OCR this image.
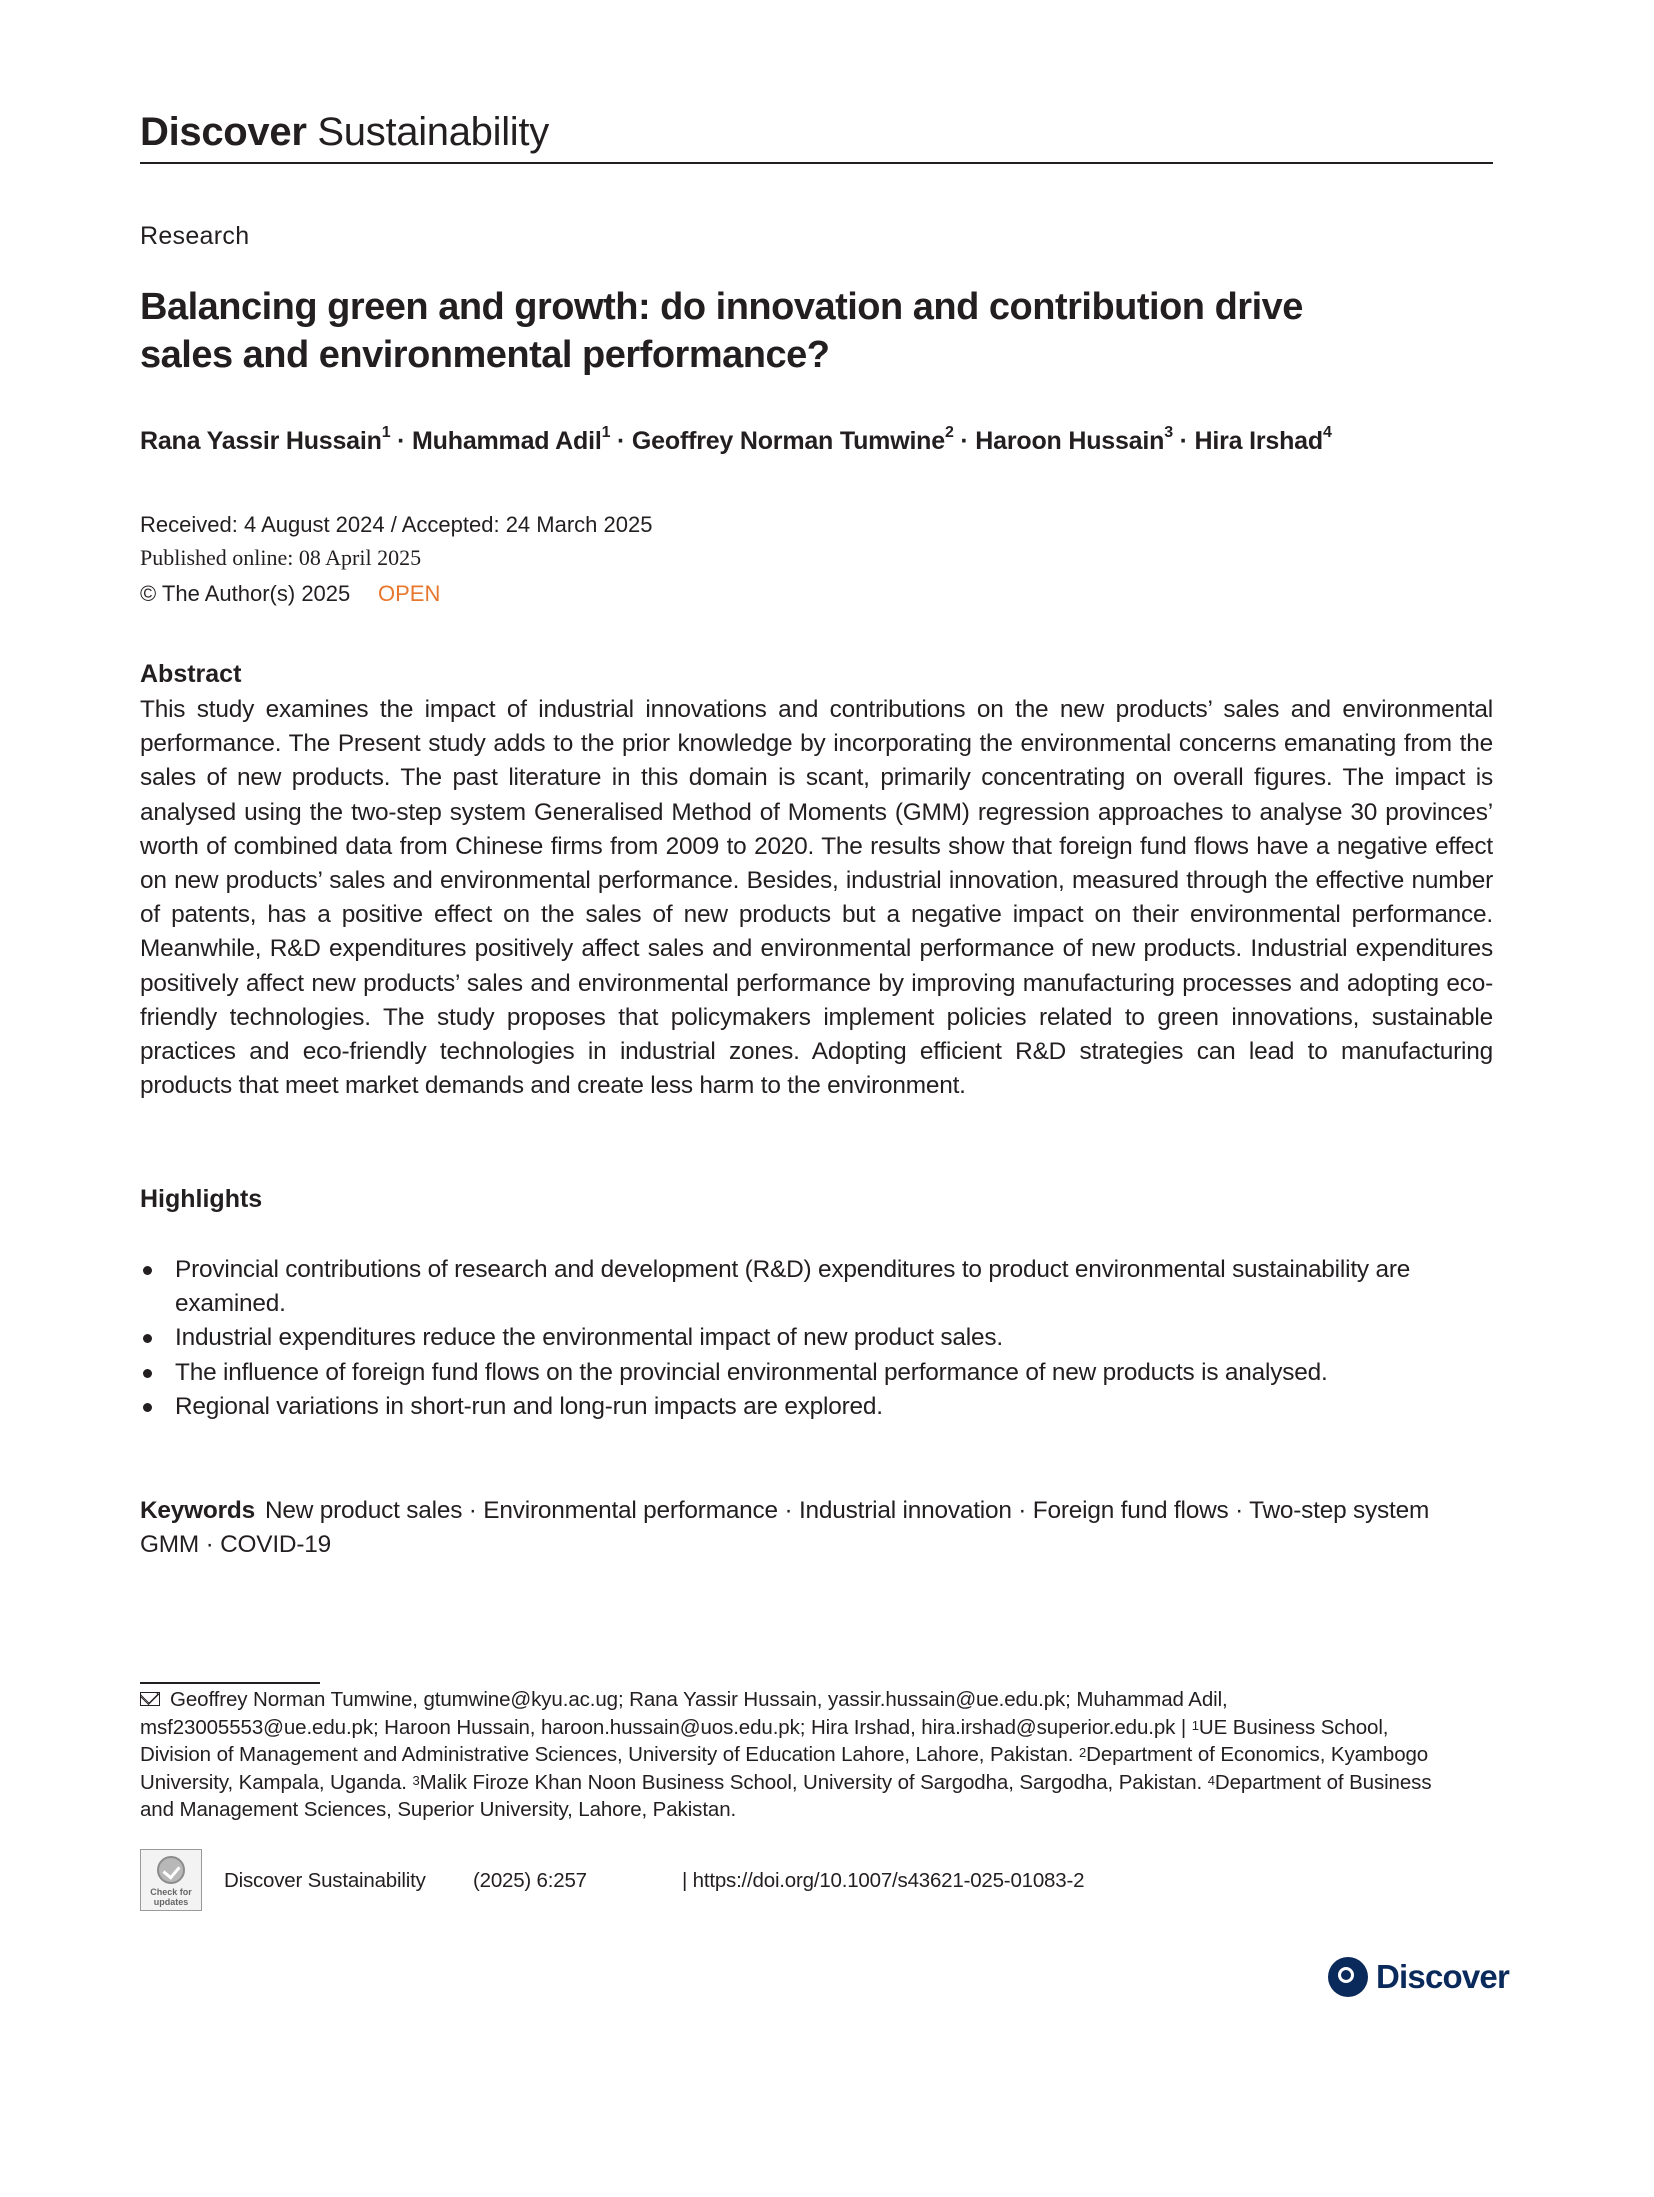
Discover Sustainability
Research
Balancing green and growth: do innovation and contribution drive sales and environmental performance?
Rana Yassir Hussain$^1$ · Muhammad Adil$^1$ · Geoffrey Norman Tumwine$^2$ · Haroon Hussain$^3$ · Hira Irshad$^4$
Received: 4 August 2024 / Accepted: 24 March 2025
Published online: 08 April 2025
© The Author(s) 2025 OPEN
Abstract

This study examines the impact of industrial innovations and contributions on the new products’ sales and environmental performance. The Present study adds to the prior knowledge by incorporating the environmental concerns emanating from the sales of new products. The past literature in this domain is scant, primarily concentrating on overall figures. The impact is analysed using the two-step system Generalised Method of Moments (GMM) regression approaches to analyse 30 provinces’ worth of combined data from Chinese firms from 2009 to 2020. The results show that foreign fund flows have a negative effect on new products’ sales and environmental performance. Besides, industrial innovation, measured through the effective number of patents, has a positive effect on the sales of new products but a negative impact on their environmental performance. Meanwhile, R&D expenditures positively affect sales and environmental performance of new products. Industrial expenditures positively affect new products’ sales and environmental performance by improving manufacturing processes and adopting eco-friendly technologies. The study proposes that policymakers implement policies related to green innovations, sustainable practices and eco-friendly technologies in industrial zones. Adopting efficient R&D strategies can lead to manufacturing products that meet market demands and create less harm to the environment.

Highlights
Provincial contributions of research and development (R&D) expenditures to product environmental sustainability are examined.
Industrial expenditures reduce the environmental impact of new product sales.
The influence of foreign fund flows on the provincial environmental performance of new products is analysed.
Regional variations in short-run and long-run impacts are explored.
Keywords New product sales · Environmental performance · Industrial innovation · Foreign fund flows · Two-step system GMM · COVID-19
Geoffrey Norman Tumwine, gtumwine@kyu.ac.ug; Rana Yassir Hussain, yassir.hussain@ue.edu.pk; Muhammad Adil, msf23005553@ue.edu.pk; Haroon Hussain, haroon.hussain@uos.edu.pk; Hira Irshad, hira.irshad@superior.edu.pk | $^1$UE Business School, Division of Management and Administrative Sciences, University of Education Lahore, Lahore, Pakistan. $^2$Department of Economics, Kyambogo University, Kampala, Uganda. $^3$Malik Firoze Khan Noon Business School, University of Sargodha, Sargodha, Pakistan. $^4$Department of Business and Management Sciences, Superior University, Lahore, Pakistan.
Check for updates
Discover Sustainability (2025) 6:257	| https://doi.org/10.1007/s43621-025-01083-2
Discover
